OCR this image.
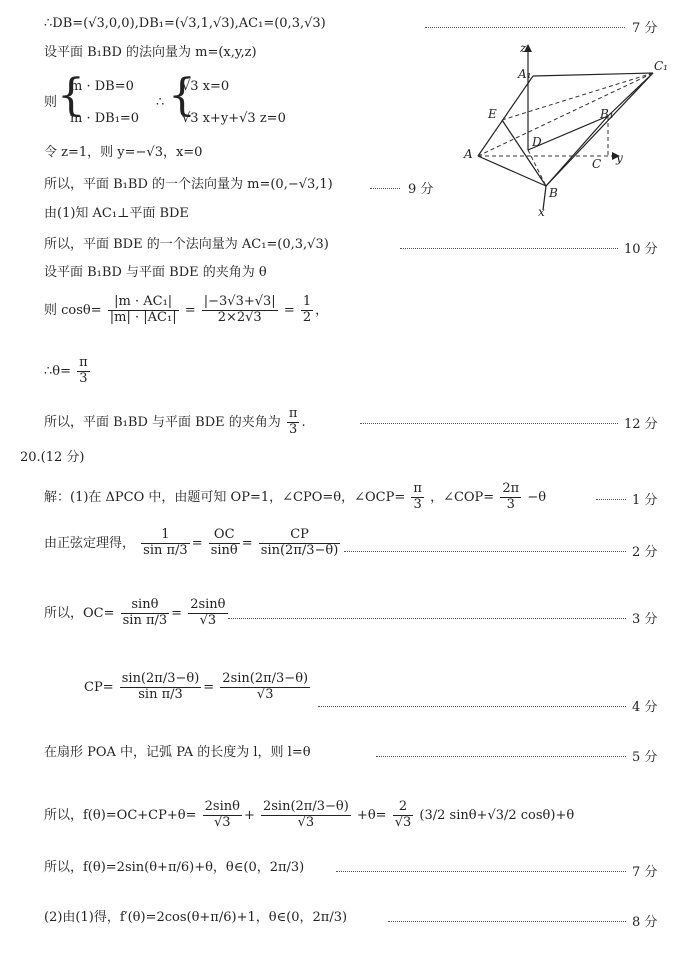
z
A₁
C₁
E	B₁
D
A
C y
B
x
∴DB=(√3,0,0),DB₁=(√3,1,√3),AC₁=(0,3,√3)	7 分
设平面 B₁BD 的法向量为 m=(x,y,z)
则 {
m · DB=0
m · DB₁=0
∴ {
√3 x=0
√3 x+y+√3 z=0
令 z=1，则 y=−√3，x=0
所以，平面 B₁BD 的一个法向量为 m=(0,−√3,1)	9 分
由(1)知 AC₁⊥平面 BDE
所以，平面 BDE 的一个法向量为 AC₁=(0,3,√3)	10 分
设平面 B₁BD 与平面 BDE 的夹角为 θ
则 $\cos\theta= \frac{\text{|m · AC₁|}}{\text{|m| · |AC₁|}} = \frac{|-3√3+√3|}{2\times 2√3} = \frac{1}{2}$ ，
∴θ= $\frac{\pi}{3}$
所以，平面 B₁BD 与平面 BDE 的夹角为 $\frac{\pi}{3}$ .	12 分
20.(12 分)
解：(1)在 ΔPCO 中，由题可知 OP=1，∠CPO=θ，∠OCP= $\frac{\pi}{3}$ ，∠COP= $\frac{2\pi}{3} -\theta$	1 分
由正弦定理得， $\frac{1}{\text{sin π/3}} = \frac{OC}{\sin\theta} = \frac{CP}{\sin(2\pi/3-\theta)}$	2 分
所以，$OC= \frac{\sin\theta}{\text{sin π/3}} = \frac{2\sin\theta}{√3}$	3 分
$CP= \frac{\sin(2\pi/3-\theta)}{\text{sin π/3}} = \frac{2\sin(2\pi/3-\theta)}{√3}$
4 分
在扇形 POA 中，记弧 PA 的长度为 l，则 l=θ	5 分
所以，$f(\theta)=OC+CP+\theta= \frac{2\sin\theta}{√3} + \frac{2\sin(2\pi/3-\theta)}{√3} +\theta= \frac{2}{√3} (3/2$ sinθ+√3/2 cosθ)+θ
所以，f(θ)=2sin(θ+π/6)+θ，θ∈(0，2π/3)	7 分
(2)由(1)得，f′(θ)=2cos(θ+π/6)+1，θ∈(0，2π/3)	8 分
